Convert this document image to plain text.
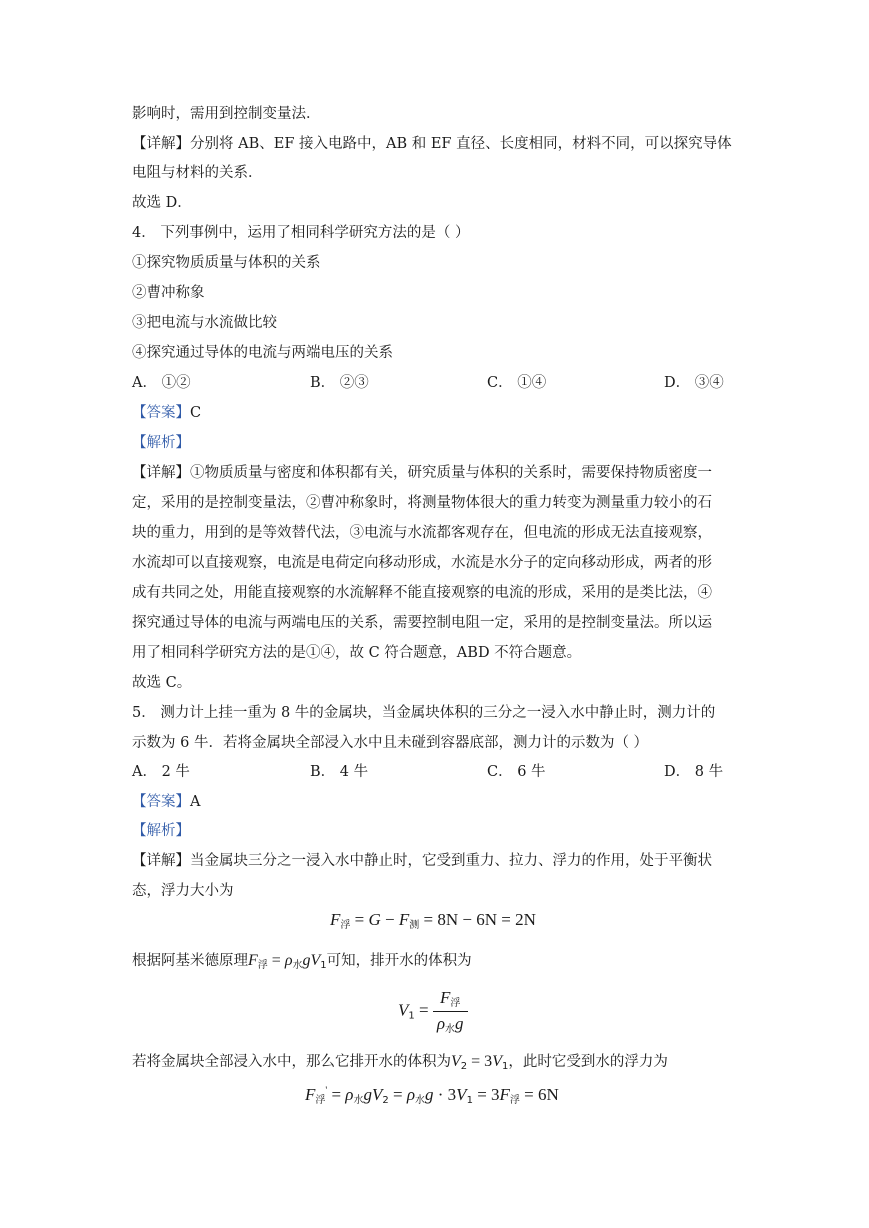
影响时，需用到控制变量法．
【详解】分别将 AB、EF 接入电路中，AB 和 EF 直径、长度相同，材料不同，可以探究导体
电阻与材料的关系．
故选 D．
4． 下列事例中，运用了相同科学研究方法的是（ ）
①探究物质质量与体积的关系
②曹冲称象
③把电流与水流做比较
④探究通过导体的电流与两端电压的关系
A． ①②	B． ②③	C． ①④	D． ③④
【答案】C
【解析】
【详解】①物质质量与密度和体积都有关，研究质量与体积的关系时，需要保持物质密度一
定，采用的是控制变量法，②曹冲称象时，将测量物体很大的重力转变为测量重力较小的石
块的重力，用到的是等效替代法，③电流与水流都客观存在，但电流的形成无法直接观察，
水流却可以直接观察，电流是电荷定向移动形成，水流是水分子的定向移动形成，两者的形
成有共同之处，用能直接观察的水流解释不能直接观察的电流的形成，采用的是类比法，④
探究通过导体的电流与两端电压的关系，需要控制电阻一定，采用的是控制变量法。所以运
用了相同科学研究方法的是①④，故 C 符合题意，ABD 不符合题意。
故选 C。
5． 测力计上挂一重为 8 牛的金属块，当金属块体积的三分之一浸入水中静止时，测力计的
示数为 6 牛．若将金属块全部浸入水中且未碰到容器底部，测力计的示数为（ ）
A． 2 牛	B． 4 牛	C． 6 牛	D． 8 牛
【答案】A
【解析】
【详解】当金属块三分之一浸入水中静止时，它受到重力、拉力、浮力的作用，处于平衡状
态，浮力大小为
$F_浮 = G - F_测 = 8N - 6N = 2N$
根据阿基米德原理$F_浮 = \rho_水gV_1$可知，排开水的体积为
$V_1 = \frac{F_浮}{\rho_水g}$
若将金属块全部浸入水中，那么它排开水的体积为$V_2 = 3V_1$，此时它受到水的浮力为
$F_浮' = \rho_水gV_2 = \rho_水g \cdot 3V_1 = 3F_浮 = 6N$
